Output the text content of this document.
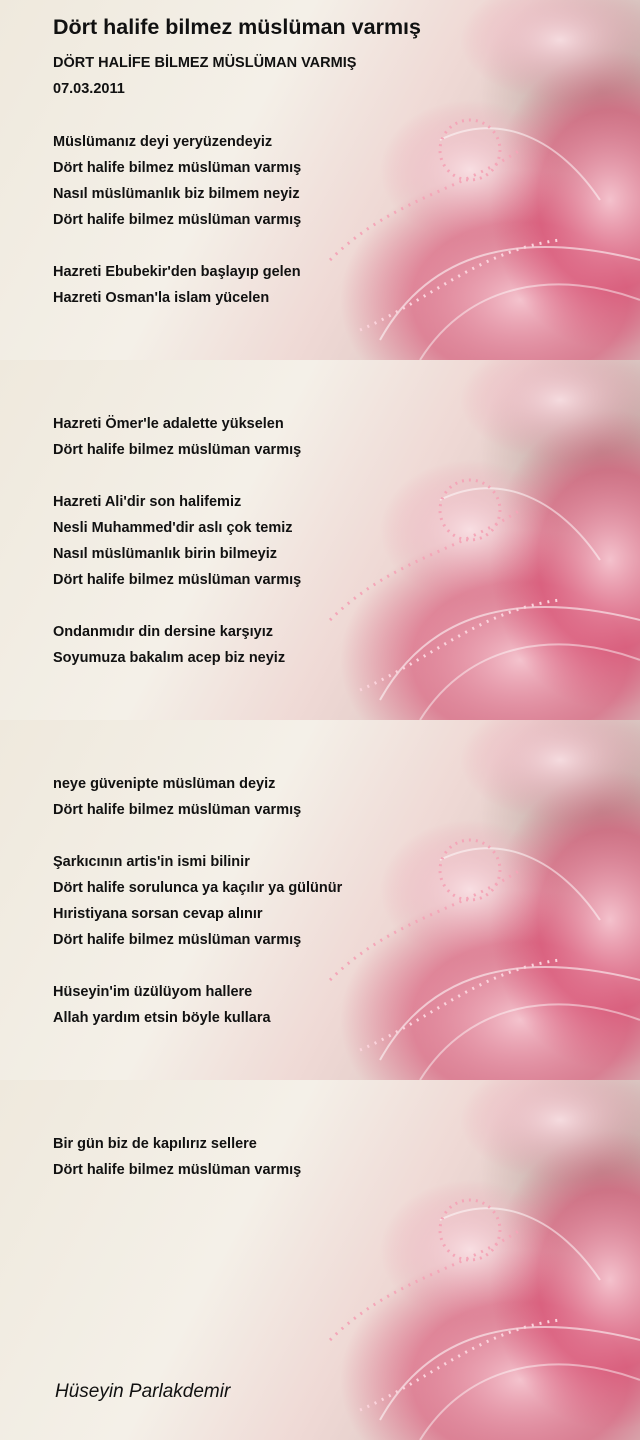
Dört halife bilmez müslüman varmış
DÖRT HALİFE BİLMEZ MÜSLÜMAN VARMIŞ
07.03.2011
Müslümanız deyi yeryüzendeyiz
Dört halife bilmez müslüman varmış
Nasıl müslümanlık biz bilmem neyiz
Dört halife bilmez müslüman varmış
Hazreti Ebubekir'den başlayıp gelen
Hazreti Osman'la islam yücelen
Hazreti Ömer'le adalette yükselen
Dört halife bilmez müslüman varmış
Hazreti Ali'dir son halifemiz
Nesli Muhammed'dir aslı çok temiz
Nasıl müslümanlık birin bilmeyiz
Dört halife bilmez müslüman varmış
Ondanmıdır din dersine karşıyız
Soyumuza bakalım acep biz neyiz
neye güvenipte müslüman deyiz
Dört halife bilmez müslüman varmış
Şarkıcının artis'in ismi bilinir
Dört halife sorulunca ya kaçılır ya gülünür
Hıristiyana sorsan cevap alınır
Dört halife bilmez müslüman varmış
Hüseyin'im üzülüyom hallere
Allah yardım etsin böyle kullara
Bir gün biz de kapılırız sellere
Dört halife bilmez müslüman varmış
Hüseyin Parlakdemir
